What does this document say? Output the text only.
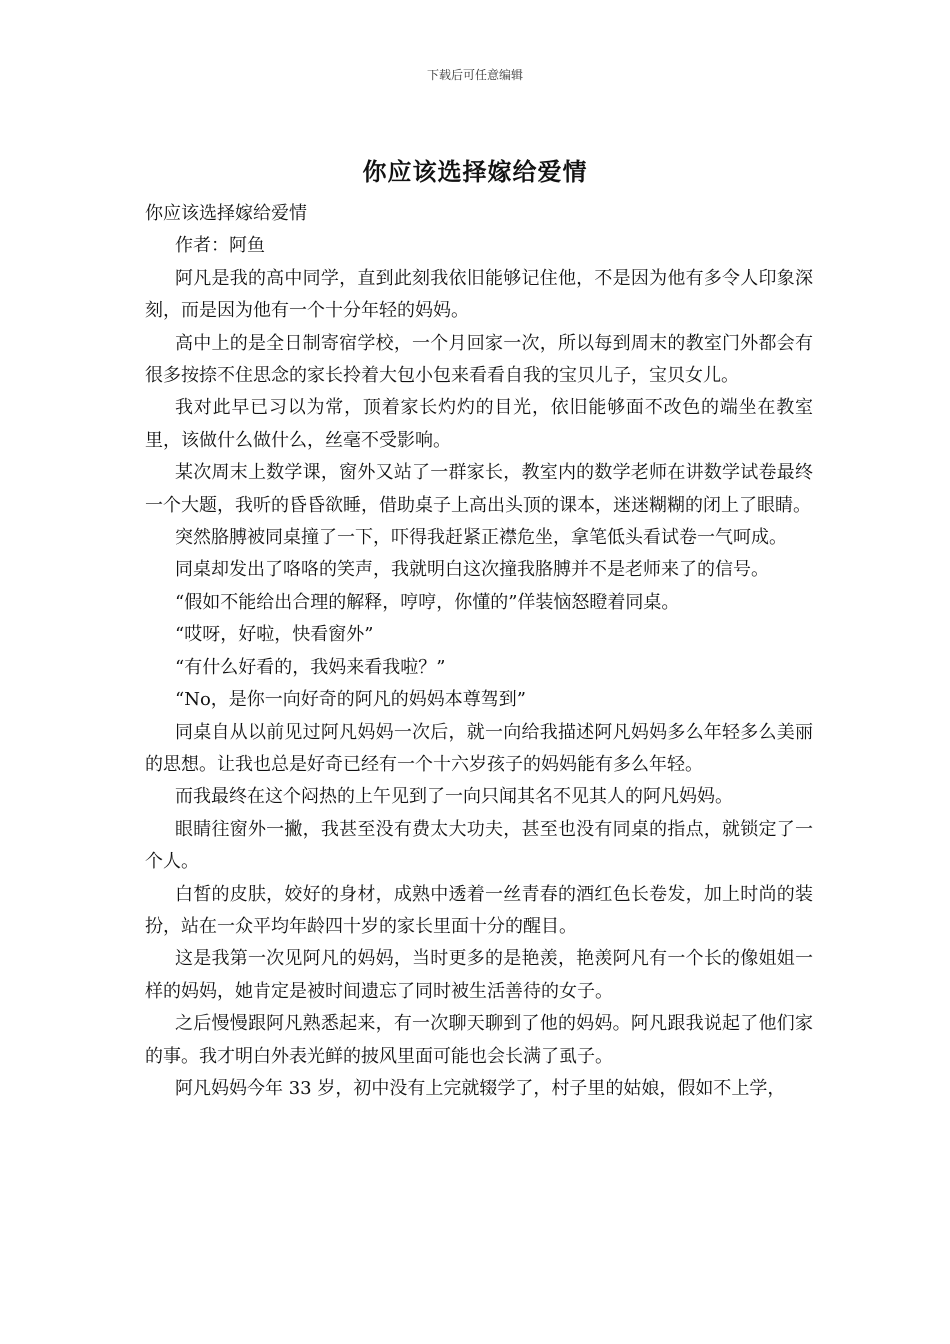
下载后可任意编辑
你应该选择嫁给爱情

你应该选择嫁给爱情

作者：阿鱼

阿凡是我的高中同学，直到此刻我依旧能够记住他，不是因为他有多令人印象深刻，而是因为他有一个十分年轻的妈妈。

高中上的是全日制寄宿学校，一个月回家一次，所以每到周末的教室门外都会有很多按捺不住思念的家长拎着大包小包来看看自我的宝贝儿子，宝贝女儿。

我对此早已习以为常，顶着家长灼灼的目光，依旧能够面不改色的端坐在教室里，该做什么做什么，丝毫不受影响。

某次周末上数学课，窗外又站了一群家长，教室内的数学老师在讲数学试卷最终一个大题，我听的昏昏欲睡，借助桌子上高出头顶的课本，迷迷糊糊的闭上了眼睛。

突然胳膊被同桌撞了一下，吓得我赶紧正襟危坐，拿笔低头看试卷一气呵成。

同桌却发出了咯咯的笑声，我就明白这次撞我胳膊并不是老师来了的信号。

“假如不能给出合理的解释，哼哼，你懂的”佯装恼怒瞪着同桌。

“哎呀，好啦，快看窗外”

“有什么好看的，我妈来看我啦？”

“No，是你一向好奇的阿凡的妈妈本尊驾到”

同桌自从以前见过阿凡妈妈一次后，就一向给我描述阿凡妈妈多么年轻多么美丽的思想。让我也总是好奇已经有一个十六岁孩子的妈妈能有多么年轻。

而我最终在这个闷热的上午见到了一向只闻其名不见其人的阿凡妈妈。

眼睛往窗外一撇，我甚至没有费太大功夫，甚至也没有同桌的指点，就锁定了一个人。

白皙的皮肤，姣好的身材，成熟中透着一丝青春的酒红色长卷发，加上时尚的装扮，站在一众平均年龄四十岁的家长里面十分的醒目。

这是我第一次见阿凡的妈妈，当时更多的是艳羡，艳羡阿凡有一个长的像姐姐一样的妈妈，她肯定是被时间遗忘了同时被生活善待的女子。

之后慢慢跟阿凡熟悉起来，有一次聊天聊到了他的妈妈。阿凡跟我说起了他们家的事。我才明白外表光鲜的披风里面可能也会长满了虱子。

阿凡妈妈今年 33 岁，初中没有上完就辍学了，村子里的姑娘，假如不上学，
